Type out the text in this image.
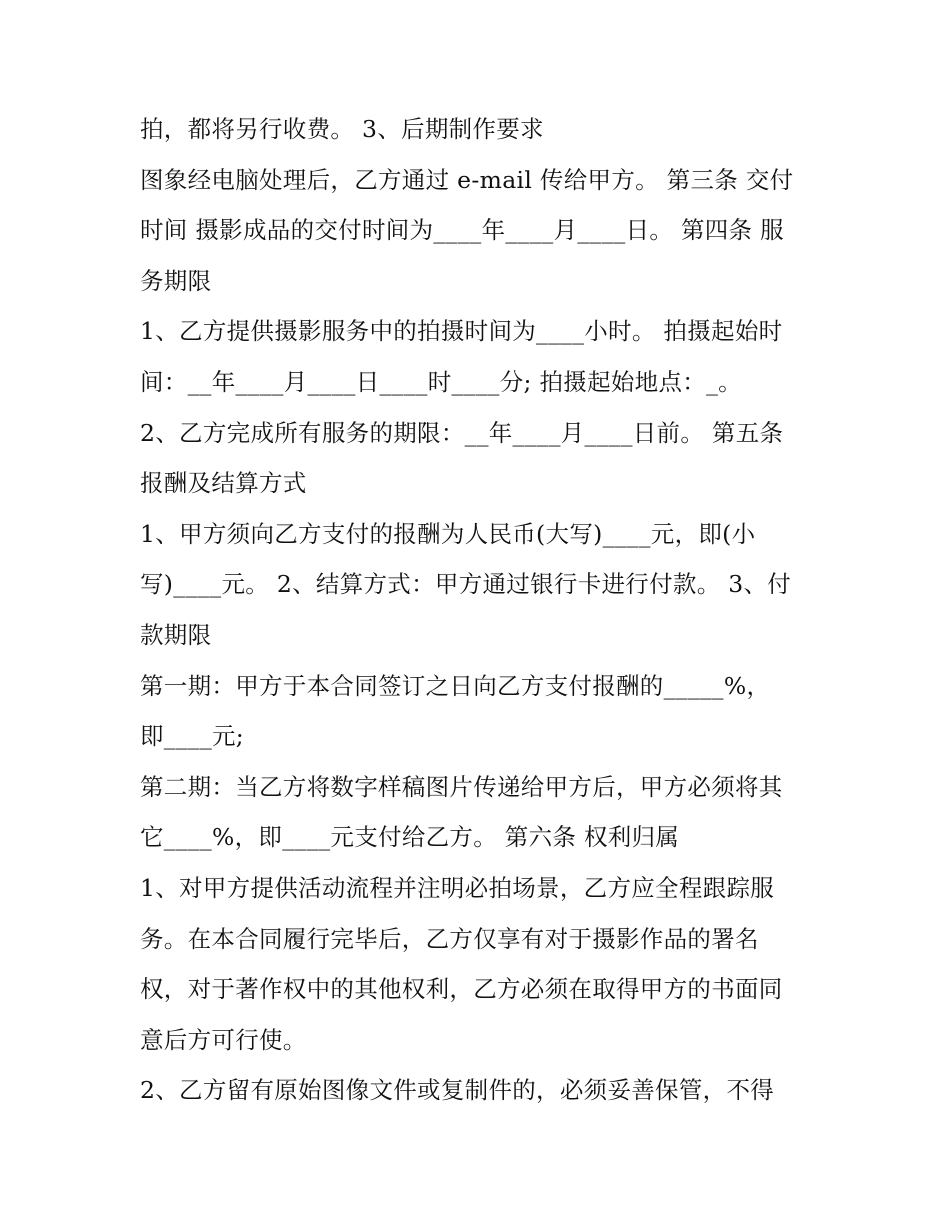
拍，都将另行收费。 3、后期制作要求
图象经电脑处理后，乙方通过 e-mail 传给甲方。 第三条 交付
时间 摄影成品的交付时间为____年____月____日。 第四条 服
务期限
1、乙方提供摄影服务中的拍摄时间为____小时。 拍摄起始时
间：__年____月____日____时____分; 拍摄起始地点：_。
2、乙方完成所有服务的期限：__年____月____日前。 第五条
报酬及结算方式
1、甲方须向乙方支付的报酬为人民币(大写)____元，即(小
写)____元。 2、结算方式：甲方通过银行卡进行付款。 3、付
款期限
第一期：甲方于本合同签订之日向乙方支付报酬的_____%，
即____元;
第二期：当乙方将数字样稿图片传递给甲方后，甲方必须将其
它____%，即____元支付给乙方。 第六条 权利归属
1、对甲方提供活动流程并注明必拍场景，乙方应全程跟踪服
务。在本合同履行完毕后，乙方仅享有对于摄影作品的署名
权，对于著作权中的其他权利，乙方必须在取得甲方的书面同
意后方可行使。
2、乙方留有原始图像文件或复制件的，必须妥善保管，不得
